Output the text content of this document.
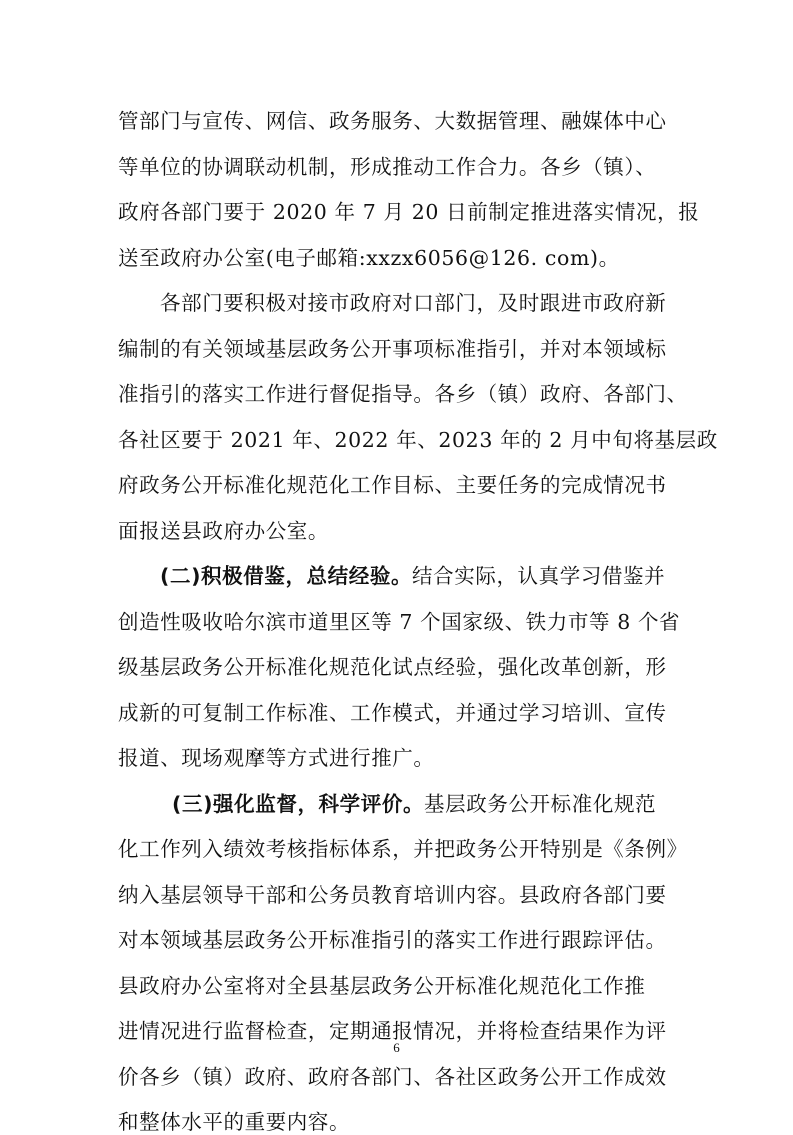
管部门与宣传、网信、政务服务、大数据管理、融媒体中心
等单位的协调联动机制，形成推动工作合力。各乡（镇）、
政府各部门要于 2020 年 7 月 20 日前制定推进落实情况，报
送至政府办公室(电子邮箱:xxzx6056@126. com)。
各部门要积极对接市政府对口部门，及时跟进市政府新
编制的有关领域基层政务公开事项标准指引，并对本领域标
准指引的落实工作进行督促指导。各乡（镇）政府、各部门、
各社区要于 2021 年、2022 年、2023 年的 2 月中旬将基层政
府政务公开标准化规范化工作目标、主要任务的完成情况书
面报送县政府办公室。
(二)积极借鉴，总结经验。结合实际，认真学习借鉴并
创造性吸收哈尔滨市道里区等 7 个国家级、铁力市等 8 个省
级基层政务公开标准化规范化试点经验，强化改革创新，形
成新的可复制工作标准、工作模式，并通过学习培训、宣传
报道、现场观摩等方式进行推广。
(三)强化监督，科学评价。基层政务公开标准化规范
化工作列入绩效考核指标体系，并把政务公开特别是《条例》
纳入基层领导干部和公务员教育培训内容。县政府各部门要
对本领域基层政务公开标准指引的落实工作进行跟踪评估。
县政府办公室将对全县基层政务公开标准化规范化工作推
进情况进行监督检查，定期通报情况，并将检查结果作为评
价各乡（镇）政府、政府各部门、各社区政务公开工作成效
和整体水平的重要内容。
6
